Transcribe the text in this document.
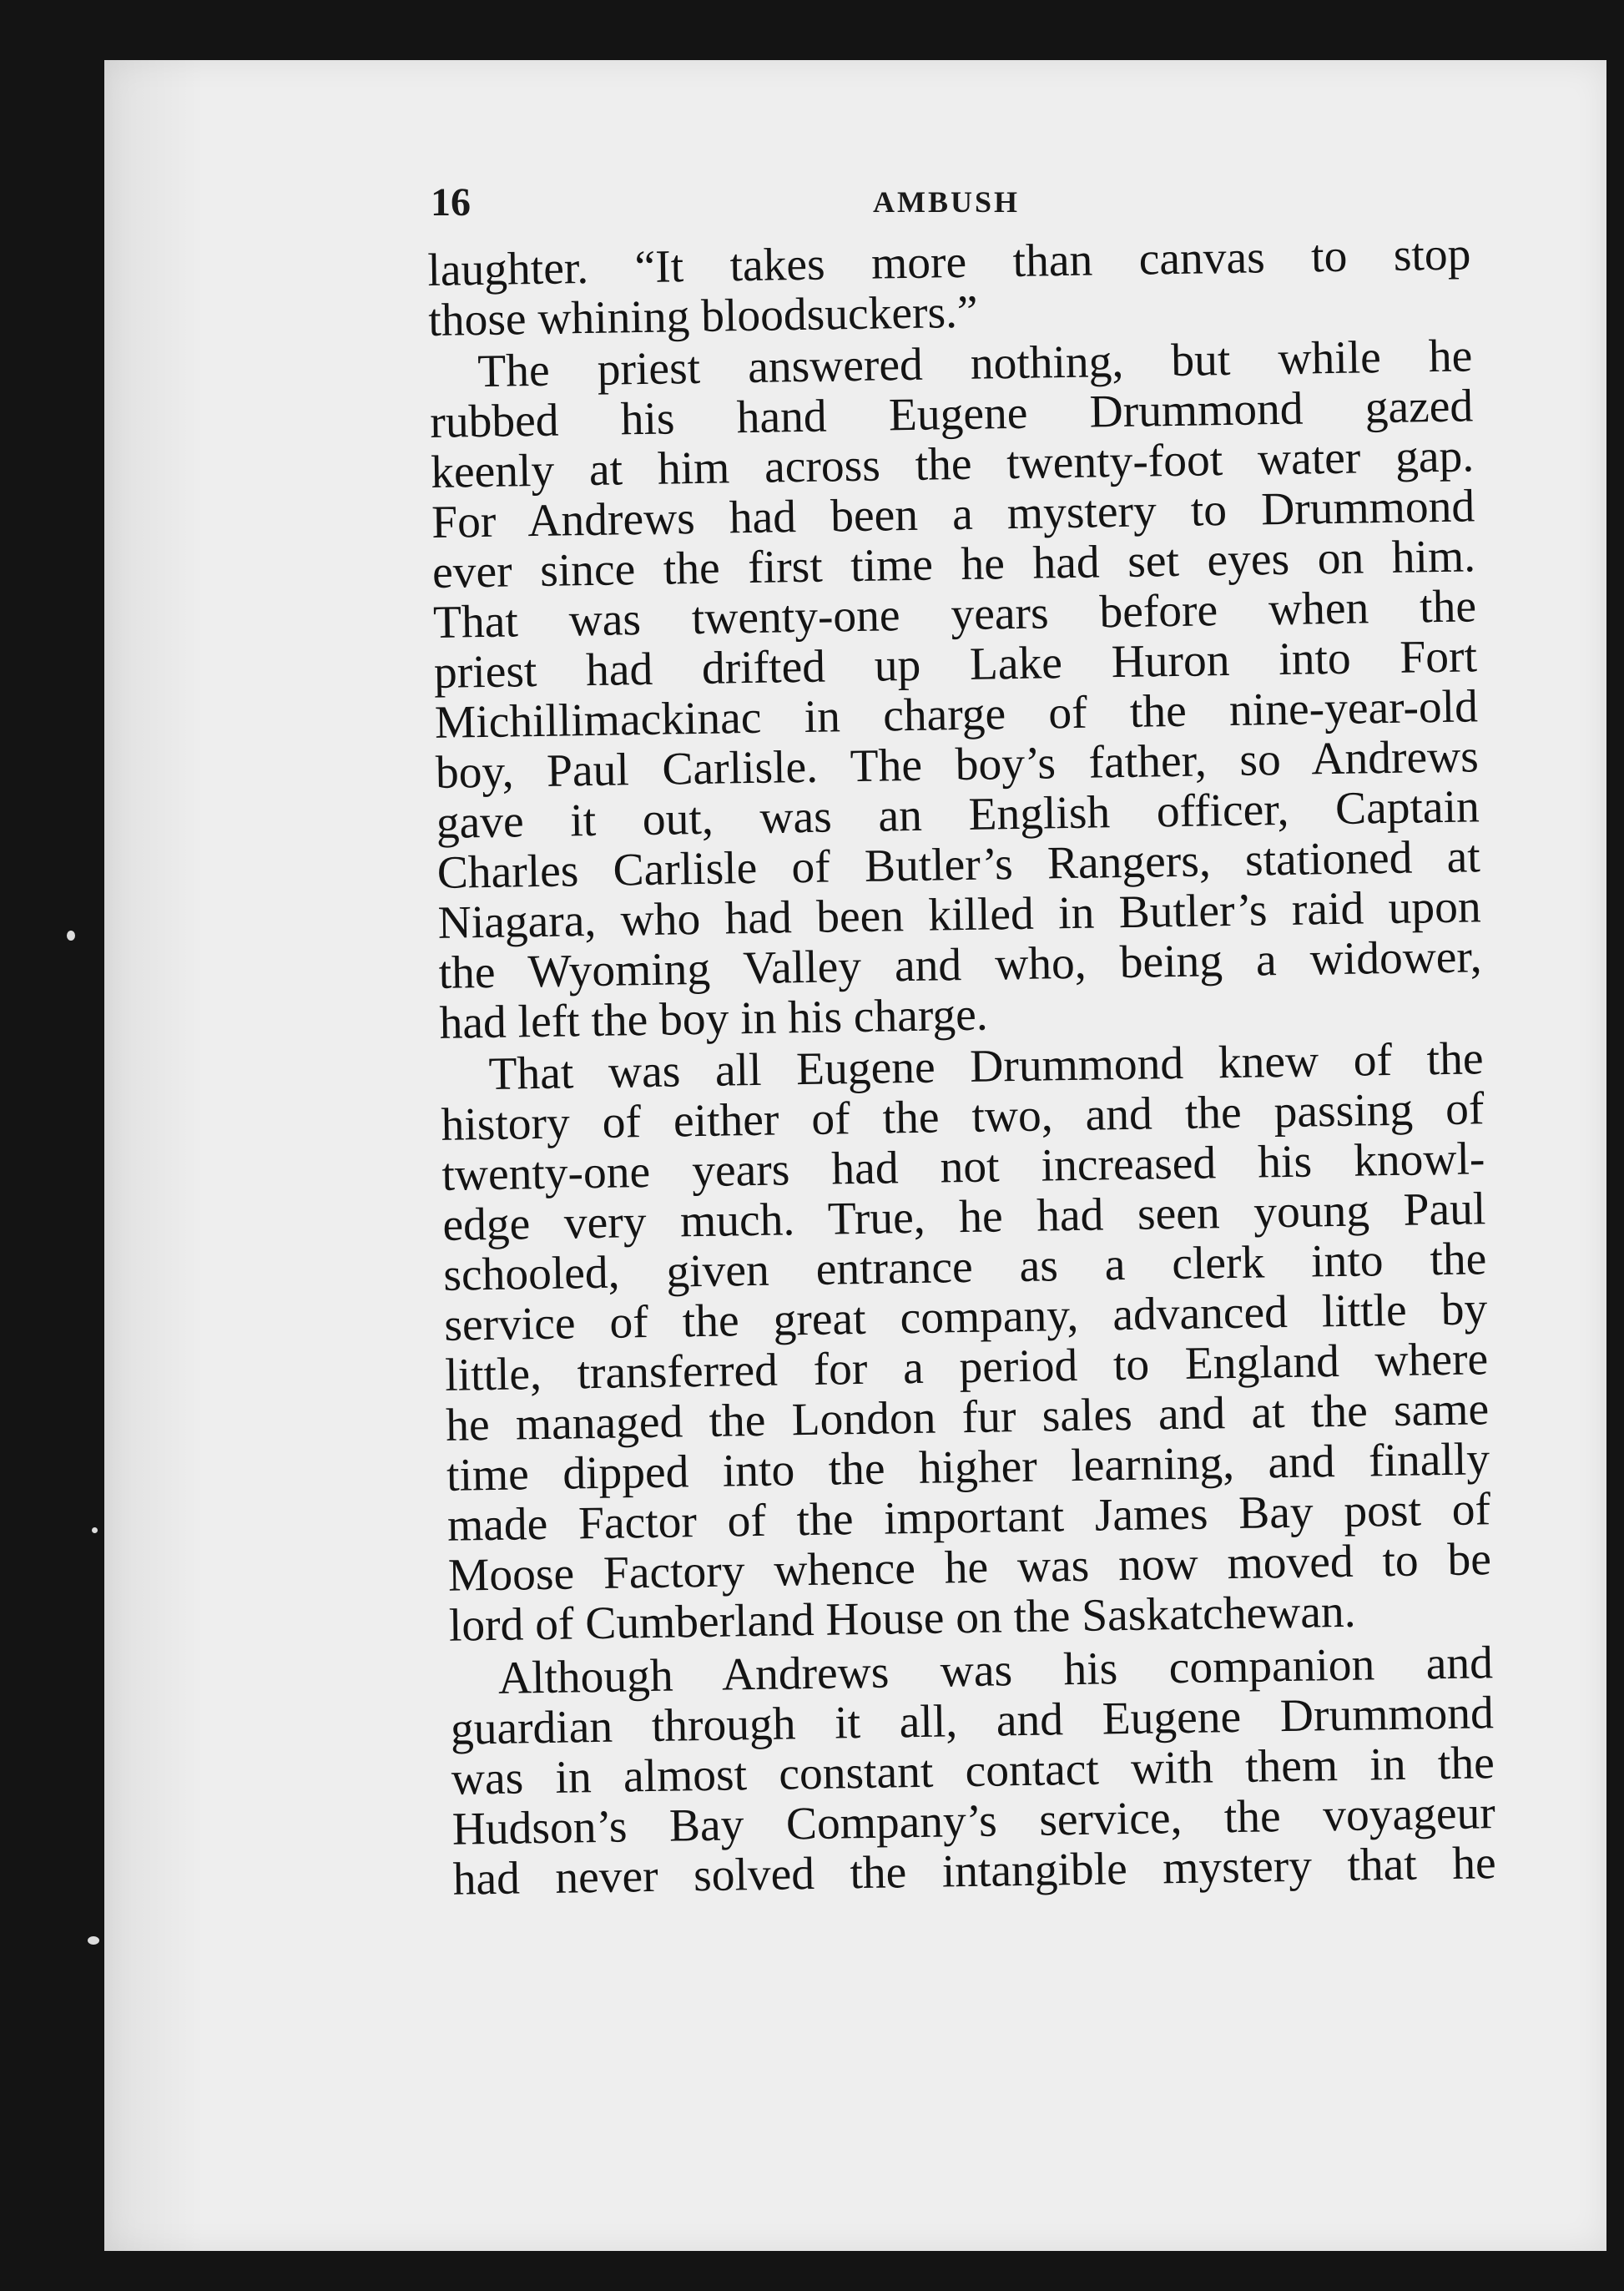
16	AMBUSH
laughter. “It takes more than canvas to stop
those whining bloodsuckers.”
The priest answered nothing, but while he
rubbed his hand Eugene Drummond gazed
keenly at him across the twenty-foot water gap.
For Andrews had been a mystery to Drummond
ever since the first time he had set eyes on him.
That was twenty-one years before when the
priest had drifted up Lake Huron into Fort
Michillimackinac in charge of the nine-year-old
boy, Paul Carlisle. The boy’s father, so Andrews
gave it out, was an English officer, Captain
Charles Carlisle of Butler’s Rangers, stationed at
Niagara, who had been killed in Butler’s raid upon
the Wyoming Valley and who, being a widower,
had left the boy in his charge.
That was all Eugene Drummond knew of the
history of either of the two, and the passing of
twenty-one years had not increased his knowl-
edge very much. True, he had seen young Paul
schooled, given entrance as a clerk into the
service of the great company, advanced little by
little, transferred for a period to England where
he managed the London fur sales and at the same
time dipped into the higher learning, and finally
made Factor of the important James Bay post of
Moose Factory whence he was now moved to be
lord of Cumberland House on the Saskatchewan.
Although Andrews was his companion and
guardian through it all, and Eugene Drummond
was in almost constant contact with them in the
Hudson’s Bay Company’s service, the voyageur
had never solved the intangible mystery that he
